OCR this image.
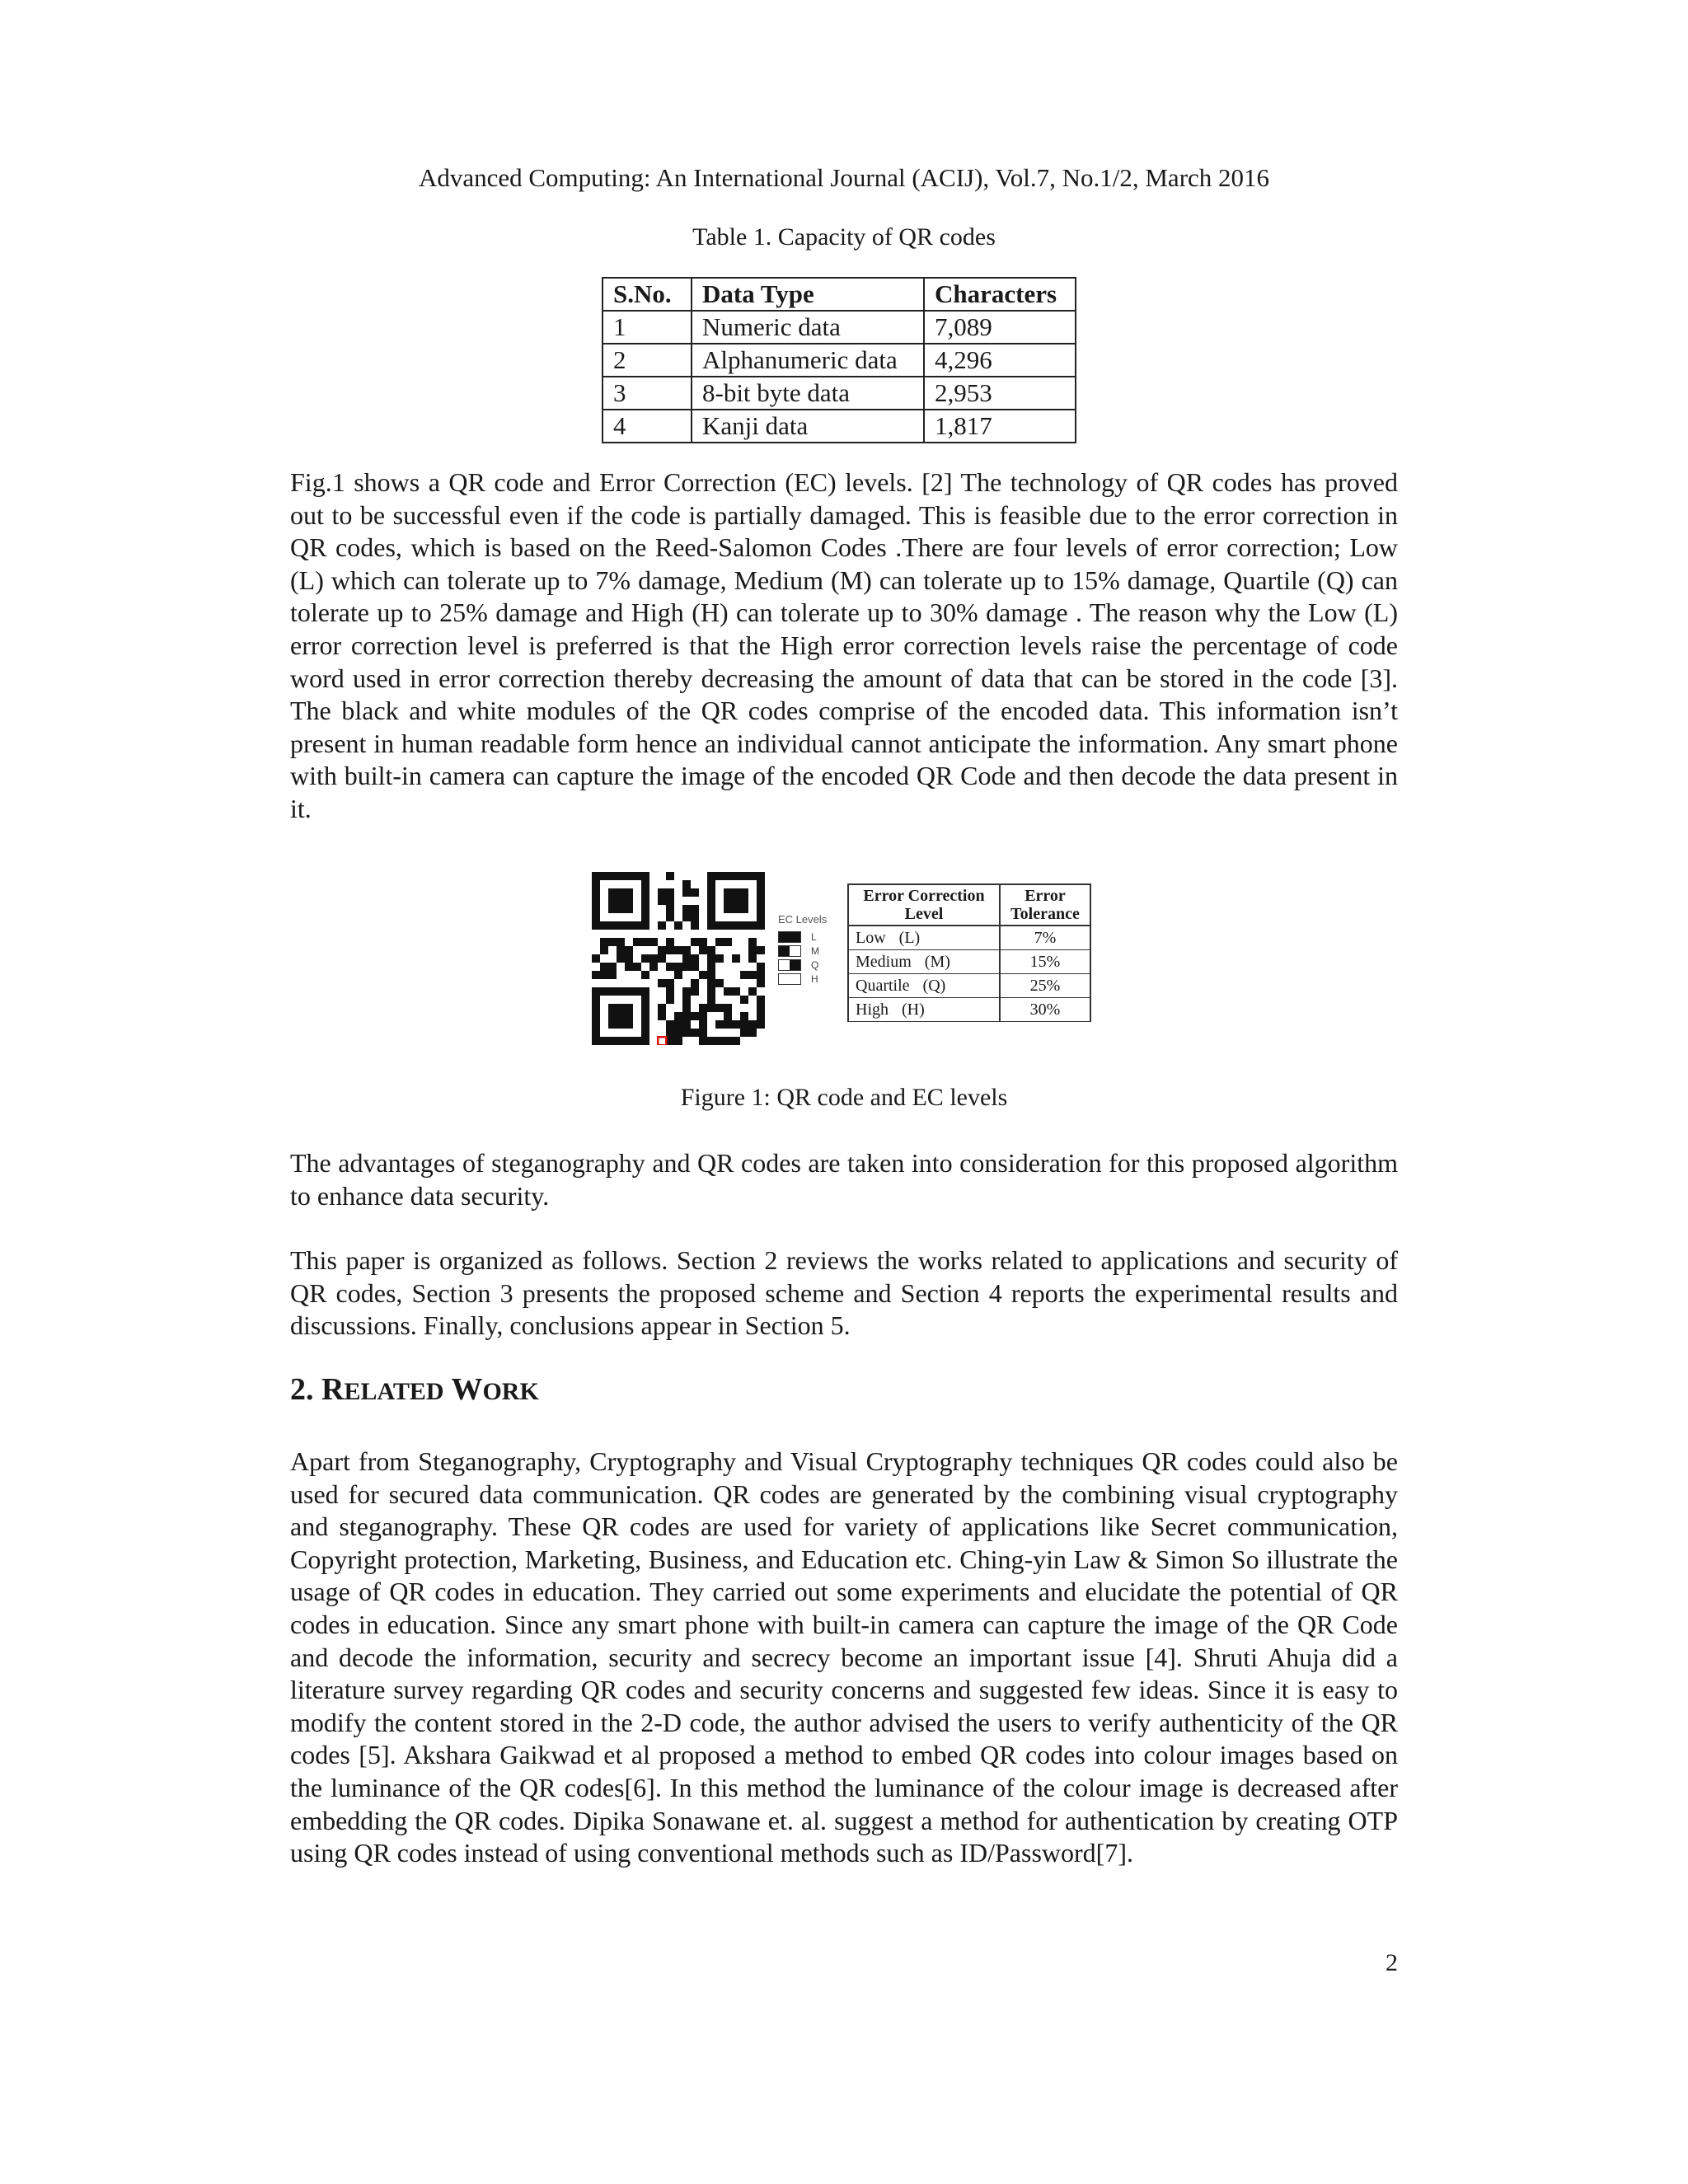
Advanced Computing: An International Journal (ACIJ), Vol.7, No.1/2, March 2016
Table 1. Capacity of QR codes
S.No.	Data Type	Characters
1	Numeric data	7,089
2	Alphanumeric data	4,296
3	8-bit byte data	2,953
4	Kanji data	1,817

Fig.1 shows a QR code and Error Correction (EC) levels. [2] The technology of QR codes has proved out to be successful even if the code is partially damaged. This is feasible due to the error correction in QR codes, which is based on the Reed-Salomon Codes .There are four levels of error correction; Low (L) which can tolerate up to 7% damage, Medium (M) can tolerate up to 15% damage, Quartile (Q) can tolerate up to 25% damage and High (H) can tolerate up to 30% damage . The reason why the Low (L) error correction level is preferred is that the High error correction levels raise the percentage of code word used in error correction thereby decreasing the amount of data that can be stored in the code [3]. The black and white modules of the QR codes comprise of the encoded data. This information isn’t present in human readable form hence an individual cannot anticipate the information. Any smart phone with built-in camera can capture the image of the encoded QR Code and then decode the data present in it.

EC Levels
L
M
Q
H
Error Correction Level	Error Tolerance
Low (L)	7%
Medium (M)	15%
Quartile (Q)	25%
High (H)	30%
Figure 1: QR code and EC levels

The advantages of steganography and QR codes are taken into consideration for this proposed algorithm to enhance data security.

This paper is organized as follows. Section 2 reviews the works related to applications and security of QR codes, Section 3 presents the proposed scheme and Section 4 reports the experimental results and discussions. Finally, conclusions appear in Section 5.

2. RELATED WORK

Apart from Steganography, Cryptography and Visual Cryptography techniques QR codes could also be used for secured data communication. QR codes are generated by the combining visual cryptography and steganography. These QR codes are used for variety of applications like Secret communication, Copyright protection, Marketing, Business, and Education etc. Ching-yin Law & Simon So illustrate the usage of QR codes in education. They carried out some experiments and elucidate the potential of QR codes in education. Since any smart phone with built-in camera can capture the image of the QR Code and decode the information, security and secrecy become an important issue [4]. Shruti Ahuja did a literature survey regarding QR codes and security concerns and suggested few ideas. Since it is easy to modify the content stored in the 2-D code, the author advised the users to verify authenticity of the QR codes [5]. Akshara Gaikwad et al proposed a method to embed QR codes into colour images based on the luminance of the QR codes[6]. In this method the luminance of the colour image is decreased after embedding the QR codes. Dipika Sonawane et. al. suggest a method for authentication by creating OTP using QR codes instead of using conventional methods such as ID/Password[7].

2
